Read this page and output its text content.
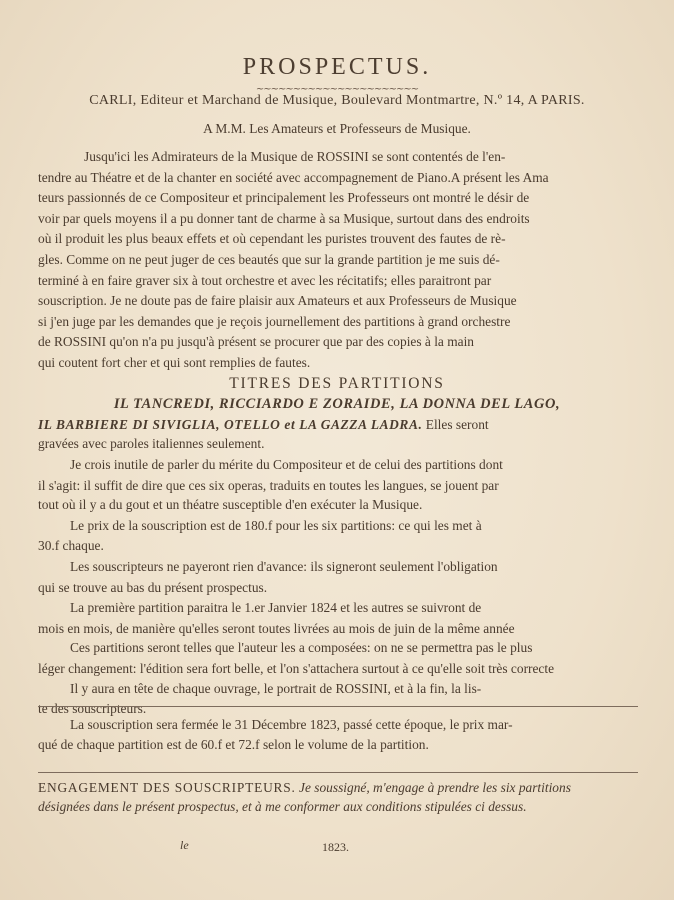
PROSPECTUS.
~~~~~~~~~~~~~~~~~~~~~~
CARLI, Editeur et Marchand de Musique, Boulevard Montmartre, N.º 14, A PARIS.
A M.M. Les Amateurs et Professeurs de Musique.
Jusqu'ici les Admirateurs de la Musique de ROSSINI se sont contentés de l'en-
tendre au Théatre et de la chanter en société avec accompagnement de Piano.A présent les Ama
teurs passionnés de ce Compositeur et principalement les Professeurs ont montré le désir de
voir par quels moyens il a pu donner tant de charme à sa Musique, surtout dans des endroits
où il produit les plus beaux effets et où cependant les puristes trouvent des fautes de rè-
gles. Comme on ne peut juger de ces beautés que sur la grande partition je me suis dé-
terminé à en faire graver six à tout orchestre et avec les récitatifs; elles paraitront par
souscription. Je ne doute pas de faire plaisir aux Amateurs et aux Professeurs de Musique
si j'en juge par les demandes que je reçois journellement des partitions à grand orchestre
de ROSSINI qu'on n'a pu jusqu'à présent se procurer que par des copies à la main
qui coutent fort cher et qui sont remplies de fautes.
TITRES DES PARTITIONS
IL TANCREDI, RICCIARDO E ZORAIDE, LA DONNA DEL LAGO,
IL BARBIERE DI SIVIGLIA, OTELLO et LA GAZZA LADRA. Elles seront
gravées avec paroles italiennes seulement.
Je crois inutile de parler du mérite du Compositeur et de celui des partitions dont
il s'agit: il suffit de dire que ces six operas, traduits en toutes les langues, se jouent par
tout où il y a du gout et un théatre susceptible d'en exécuter la Musique.
Le prix de la souscription est de 180.f pour les six partitions: ce qui les met à
30.f chaque.
Les souscripteurs ne payeront rien d'avance: ils signeront seulement l'obligation
qui se trouve au bas du présent prospectus.
La première partition paraitra le 1.er Janvier 1824 et les autres se suivront de
mois en mois, de manière qu'elles seront toutes livrées au mois de juin de la même année
Ces partitions seront telles que l'auteur les a composées: on ne se permettra pas le plus
léger changement: l'édition sera fort belle, et l'on s'attachera surtout à ce qu'elle soit très correcte
Il y aura en tête de chaque ouvrage, le portrait de ROSSINI, et à la fin, la lis-
te des souscripteurs.
La souscription sera fermée le 31 Décembre 1823, passé cette époque, le prix mar-
qué de chaque partition est de 60.f et 72.f selon le volume de la partition.
ENGAGEMENT DES SOUSCRIPTEURS. Je soussigné, m'engage à prendre les six partitions
désignées dans le présent prospectus, et à me conformer aux conditions stipulées ci dessus.
le	1823.
